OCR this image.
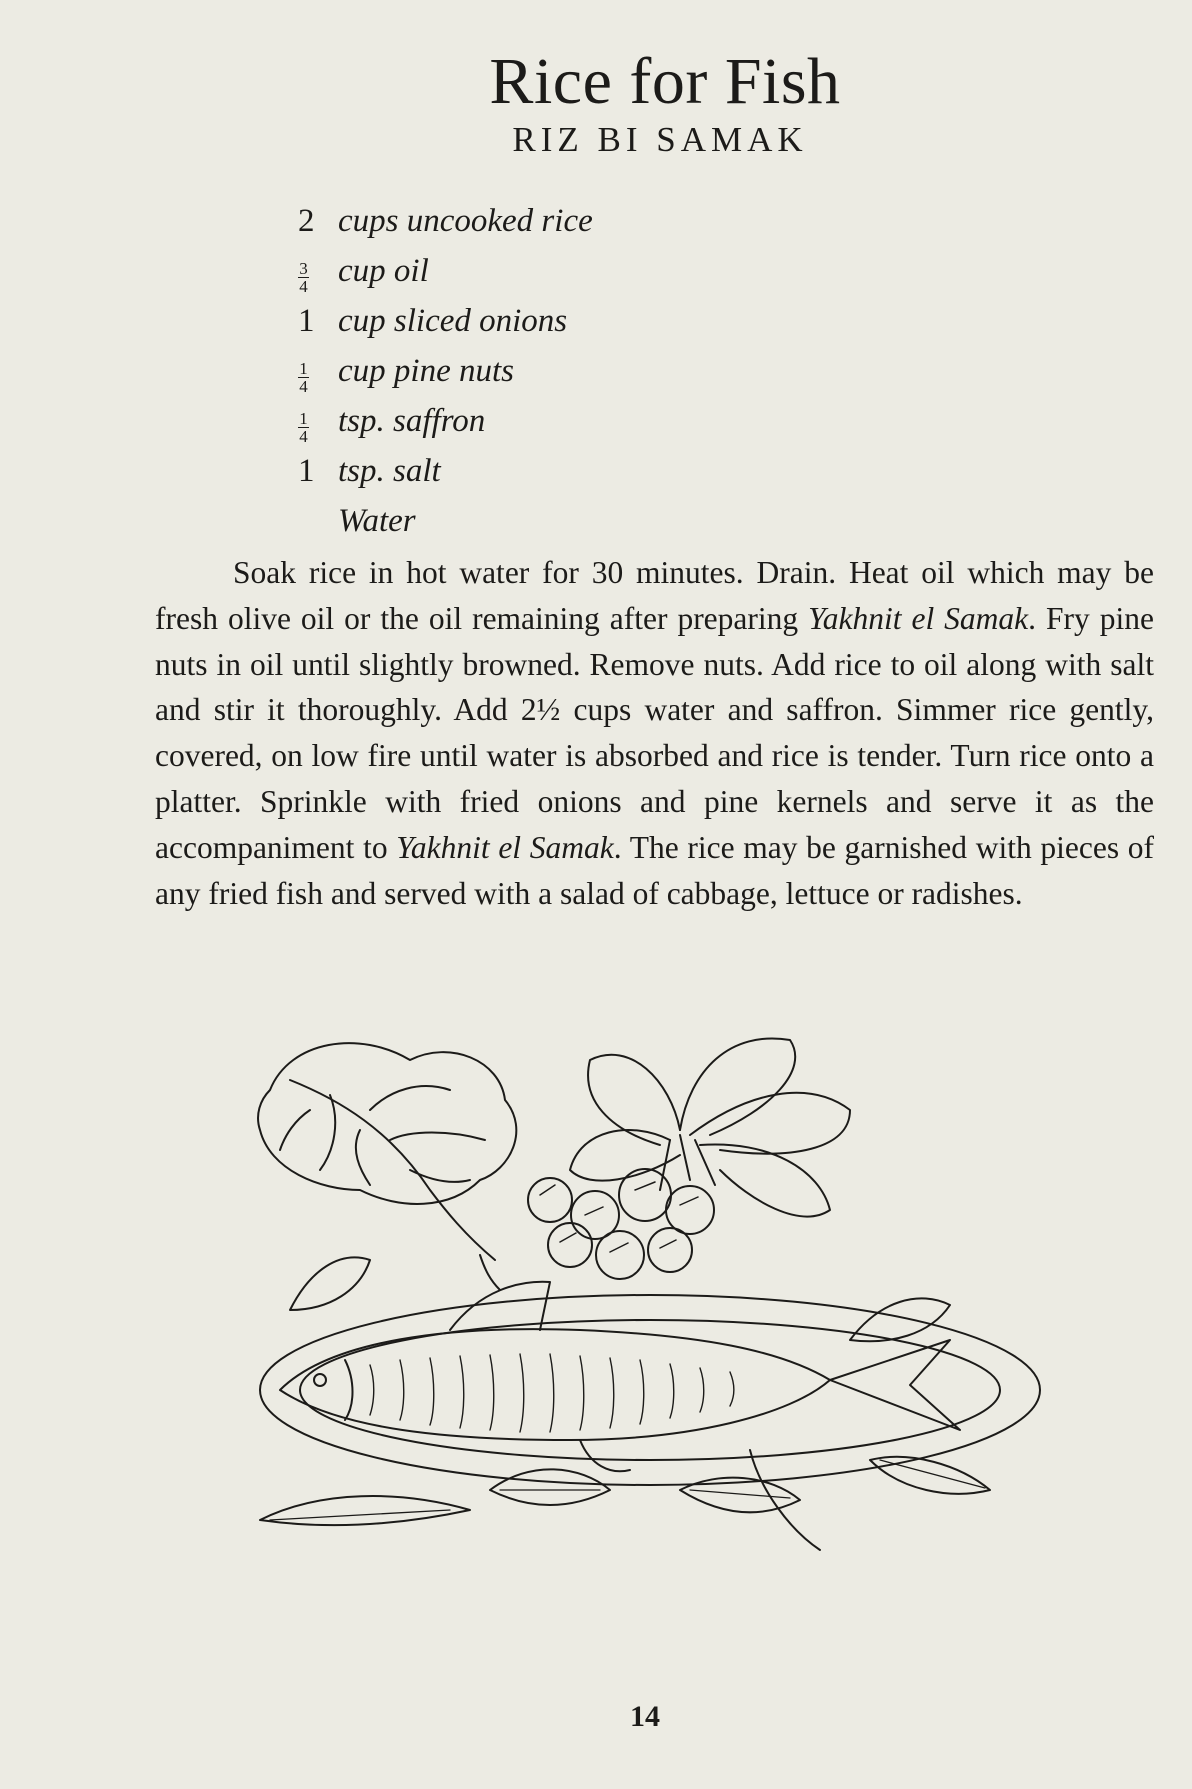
Rice for Fish
RIZ BI SAMAK
2 cups uncooked rice
$\frac{3}{4}$ cup oil
1 cup sliced onions
$\frac{1}{4}$ cup pine nuts
$\frac{1}{4}$ tsp. saffron
1 tsp. salt
Water

Soak rice in hot water for 30 minutes. Drain. Heat oil which may be fresh olive oil or the oil remaining after preparing Yakhnit el Samak. Fry pine nuts in oil until slightly browned. Remove nuts. Add rice to oil along with salt and stir it thoroughly. Add 2½ cups water and saffron. Simmer rice gently, covered, on low fire until water is absorbed and rice is tender. Turn rice onto a platter. Sprinkle with fried onions and pine kernels and serve it as the accompaniment to Yakhnit el Samak. The rice may be garnished with pieces of any fried fish and served with a salad of cabbage, lettuce or radishes.

14
